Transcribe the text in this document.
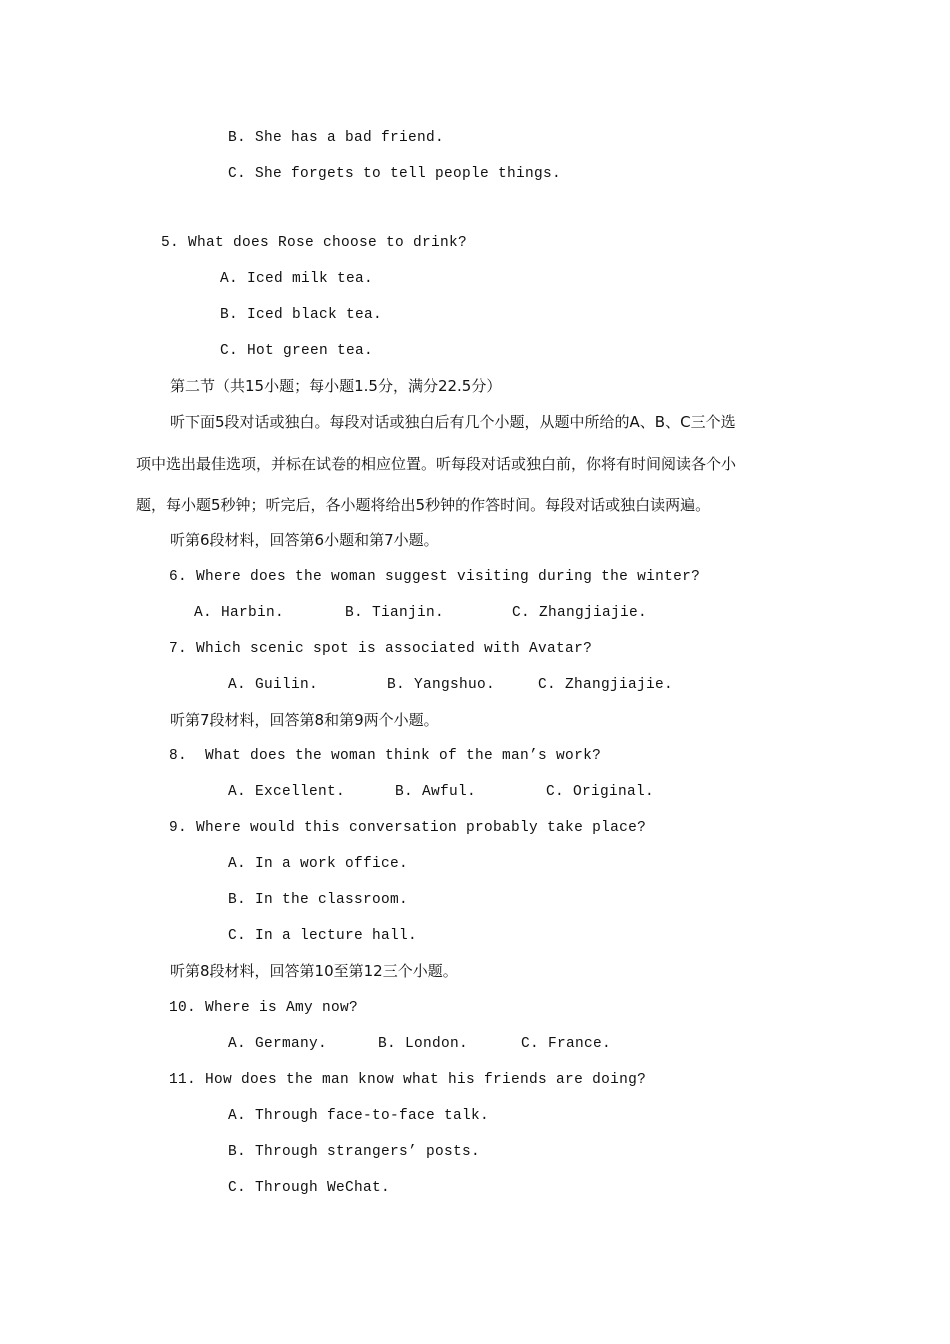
B. She has a bad friend.
C. She forgets to tell people things.
5. What does Rose choose to drink?
A. Iced milk tea.
B. Iced black tea.
C. Hot green tea.
第二节（共15小题；每小题1.5分，满分22.5分）
听下面5段对话或独白。每段对话或独白后有几个小题，从题中所给的A、B、C三个选
项中选出最佳选项，并标在试卷的相应位置。听每段对话或独白前，你将有时间阅读各个小
题，每小题5秒钟；听完后，各小题将给出5秒钟的作答时间。每段对话或独白读两遍。
听第6段材料，回答第6小题和第7小题。
6. Where does the woman suggest visiting during the winter?
A. Harbin.	B. Tianjin.	C. Zhangjiajie.
7. Which scenic spot is associated with Avatar?
A. Guilin.	B. Yangshuo.	C. Zhangjiajie.
听第7段材料，回答第8和第9两个小题。
8.  What does the woman think of the man’s work?
A. Excellent.	B. Awful.	C. Original.
9. Where would this conversation probably take place?
A. In a work office.
B. In the classroom.
C. In a lecture hall.
听第8段材料，回答第10至第12三个小题。
10. Where is Amy now?
A. Germany.	B. London.	C. France.
11. How does the man know what his friends are doing?
A. Through face-to-face talk.
B. Through strangers’ posts.
C. Through WeChat.
